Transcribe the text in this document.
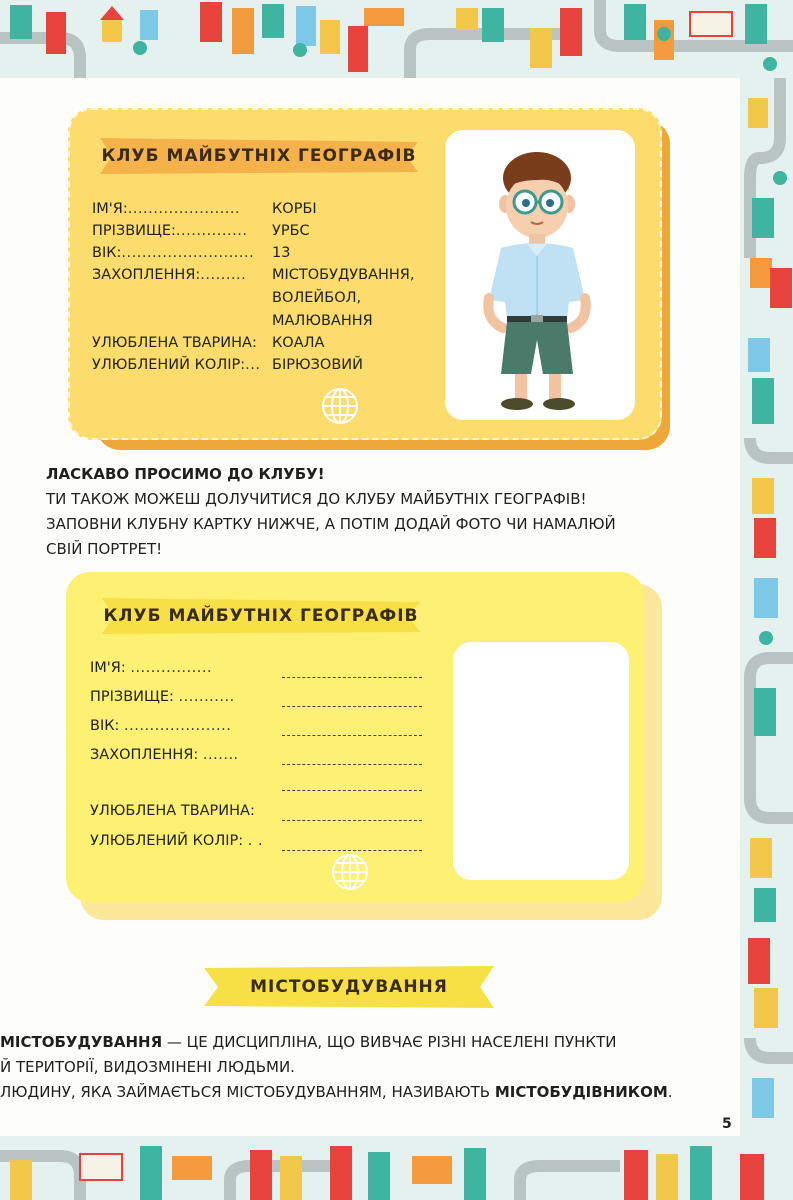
КЛУБ МАЙБУТНІХ ГЕОГРАФІВ
ІМ'Я:...................... КОРБІ
ПРІЗВИЩЕ:.............. УРБС
ВІК:.......................... 13
ЗАХОПЛЕННЯ:......... МІСТОБУДУВАННЯ,
ВОЛЕЙБОЛ,
МАЛЮВАННЯ
УЛЮБЛЕНА ТВАРИНА: КОАЛА
УЛЮБЛЕНИЙ КОЛІР:... БІРЮЗОВИЙ
ЛАСКАВО ПРОСИМО ДО КЛУБУ!
ТИ ТАКОЖ МОЖЕШ ДОЛУЧИТИСЯ ДО КЛУБУ МАЙБУТНІХ ГЕОГРАФІВ!
ЗАПОВНИ КЛУБНУ КАРТКУ НИЖЧЕ, А ПОТІМ ДОДАЙ ФОТО ЧИ НАМАЛЮЙ
СВІЙ ПОРТРЕТ!
КЛУБ МАЙБУТНІХ ГЕОГРАФІВ
ІМ'Я: ................
ПРІЗВИЩЕ: ...........
ВІК: .....................
ЗАХОПЛЕННЯ: .......
УЛЮБЛЕНА ТВАРИНА:
УЛЮБЛЕНИЙ КОЛІР: . .
МІСТОБУДУВАННЯ
МІСТОБУДУВАННЯ — ЦЕ ДИСЦИПЛІНА, ЩО ВИВЧАЄ РІЗНІ НАСЕЛЕНІ ПУНКТИ
Й ТЕРИТОРІЇ, ВИДОЗМІНЕНІ ЛЮДЬМИ.
ЛЮДИНУ, ЯКА ЗАЙМАЄТЬСЯ МІСТОБУДУВАННЯМ, НАЗИВАЮТЬ МІСТОБУДІВНИКОМ.
5
